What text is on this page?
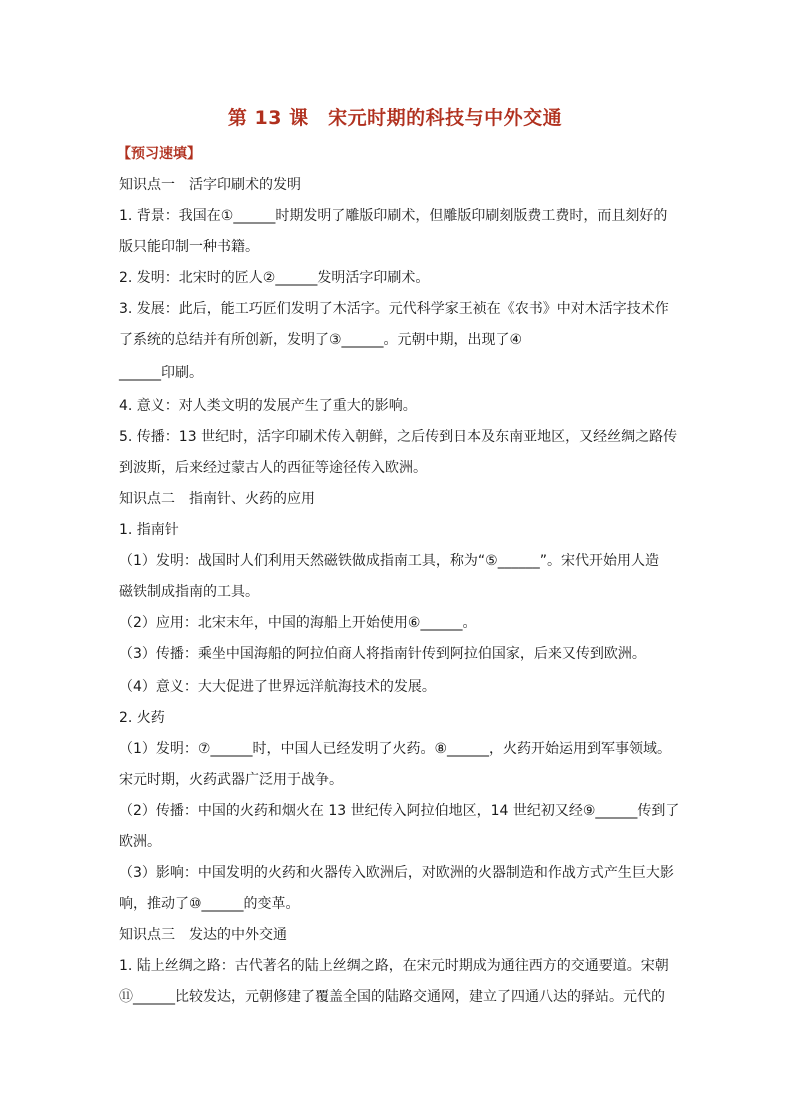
第 13 课　宋元时期的科技与中外交通
【预习速填】
知识点一　活字印刷术的发明
1. 背景：我国在①______时期发明了雕版印刷术，但雕版印刷刻版费工费时，而且刻好的
版只能印制一种书籍。
2. 发明：北宋时的匠人②______发明活字印刷术。
3. 发展：此后，能工巧匠们发明了木活字。元代科学家王祯在《农书》中对木活字技术作
了系统的总结并有所创新，发明了③______。元朝中期，出现了④
______印刷。
4. 意义：对人类文明的发展产生了重大的影响。
5. 传播：13 世纪时，活字印刷术传入朝鲜，之后传到日本及东南亚地区，又经丝绸之路传
到波斯，后来经过蒙古人的西征等途径传入欧洲。
知识点二　指南针、火药的应用
1. 指南针
（1）发明：战国时人们利用天然磁铁做成指南工具，称为“⑤______”。宋代开始用人造
磁铁制成指南的工具。
（2）应用：北宋末年，中国的海船上开始使用⑥______。
（3）传播：乘坐中国海船的阿拉伯商人将指南针传到阿拉伯国家，后来又传到欧洲。
（4）意义：大大促进了世界远洋航海技术的发展。
2. 火药
（1）发明：⑦______时，中国人已经发明了火药。⑧______，火药开始运用到军事领域。
宋元时期，火药武器广泛用于战争。
（2）传播：中国的火药和烟火在 13 世纪传入阿拉伯地区，14 世纪初又经⑨______传到了
欧洲。
（3）影响：中国发明的火药和火器传入欧洲后，对欧洲的火器制造和作战方式产生巨大影
响，推动了⑩______的变革。
知识点三　发达的中外交通
1. 陆上丝绸之路：古代著名的陆上丝绸之路，在宋元时期成为通往西方的交通要道。宋朝
⑪______比较发达，元朝修建了覆盖全国的陆路交通网，建立了四通八达的驿站。元代的
